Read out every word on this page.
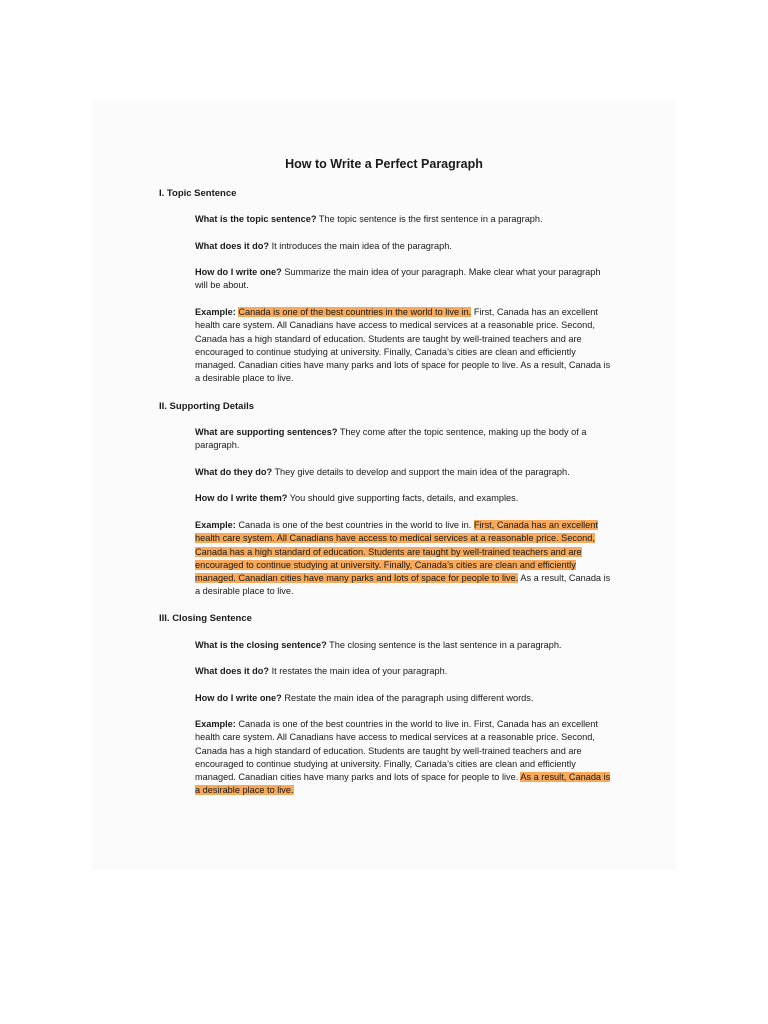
How to Write a Perfect Paragraph
I. Topic Sentence

What is the topic sentence? The topic sentence is the first sentence in a paragraph.

What does it do? It introduces the main idea of the paragraph.

How do I write one? Summarize the main idea of your paragraph. Make clear what your paragraph will be about.

Example: Canada is one of the best countries in the world to live in. First, Canada has an excellent health care system. All Canadians have access to medical services at a reasonable price. Second, Canada has a high standard of education. Students are taught by well-trained teachers and are encouraged to continue studying at university. Finally, Canada’s cities are clean and efficiently managed. Canadian cities have many parks and lots of space for people to live. As a result, Canada is a desirable place to live.

II. Supporting Details

What are supporting sentences? They come after the topic sentence, making up the body of a paragraph.

What do they do? They give details to develop and support the main idea of the paragraph.

How do I write them? You should give supporting facts, details, and examples.

Example: Canada is one of the best countries in the world to live in. First, Canada has an excellent health care system. All Canadians have access to medical services at a reasonable price. Second, Canada has a high standard of education. Students are taught by well-trained teachers and are encouraged to continue studying at university. Finally, Canada’s cities are clean and efficiently managed. Canadian cities have many parks and lots of space for people to live. As a result, Canada is a desirable place to live.

III. Closing Sentence

What is the closing sentence? The closing sentence is the last sentence in a paragraph.

What does it do? It restates the main idea of your paragraph.

How do I write one? Restate the main idea of the paragraph using different words.

Example: Canada is one of the best countries in the world to live in. First, Canada has an excellent health care system. All Canadians have access to medical services at a reasonable price. Second, Canada has a high standard of education. Students are taught by well-trained teachers and are encouraged to continue studying at university. Finally, Canada’s cities are clean and efficiently managed. Canadian cities have many parks and lots of space for people to live. As a result, Canada is a desirable place to live.
